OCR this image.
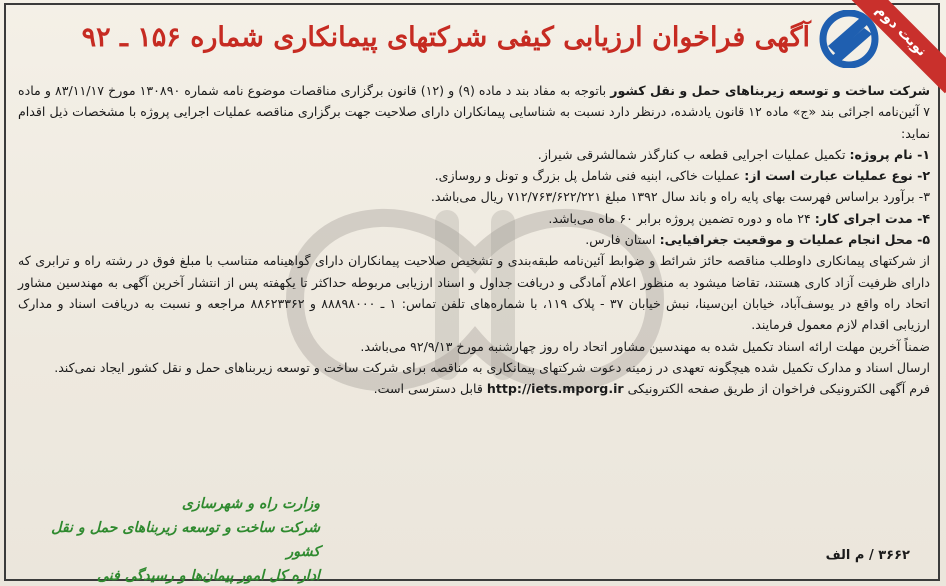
نوبت دوم
آگهی فراخوان ارزیابی کیفی شرکتهای پیمانکاری شماره ۱۵۶ ـ ۹۲

شرکت ساخت و توسعه زیربناهای حمل و نقل کشور باتوجه به مفاد بند د ماده (۹) و (۱۲) قانون برگزاری مناقصات موضوع نامه شماره ۱۳۰۸۹۰ مورخ ۸۳/۱۱/۱۷ و ماده ۷ آئین‌نامه اجرائی بند «ج» ماده ۱۲ قانون یادشده، درنظر دارد نسبت به شناسایی پیمانکاران دارای صلاحیت جهت برگزاری مناقصه عملیات اجرایی پروژه با مشخصات ذیل اقدام نماید:

۱- نام پروژه: تکمیل عملیات اجرایی قطعه ب کنارگذر شمالشرقی شیراز.

۲- نوع عملیات عبارت است از: عملیات خاکی، ابنیه فنی شامل پل بزرگ و تونل و روسازی.

۳- برآورد براساس فهرست بهای پایه راه و باند سال ۱۳۹۲ مبلغ ۷۱۲/۷۶۳/۶۲۲/۲۲۱ ریال می‌باشد.

۴- مدت اجرای کار: ۲۴ ماه و دوره تضمین پروژه برابر ۶۰ ماه می‌باشد.

۵- محل انجام عملیات و موقعیت جغرافیایی: استان فارس.

از شرکتهای پیمانکاری داوطلب مناقصه حائز شرائط و ضوابط آئین‌نامه طبقه‌بندی و تشخیص صلاحیت پیمانکاران دارای گواهینامه متناسب با مبلغ فوق در رشته راه و ترابری که دارای ظرفیت آزاد کاری هستند، تقاضا میشود به منظور اعلام آمادگی و دریافت جداول و اسناد ارزیابی مربوطه حداکثر تا یکهفته پس از انتشار آخرین آگهی به مهندسین مشاور اتحاد راه واقع در یوسف‌آباد، خیابان ابن‌سینا، نبش خیابان ۳۷ - پلاک ۱۱۹، با شماره‌های تلفن تماس: ۱ ـ ۸۸۸۹۸۰۰۰ و ۸۸۶۲۳۳۶۲ مراجعه و نسبت به دریافت اسناد و مدارک ارزیابی اقدام لازم معمول فرمایند.

ضمناً آخرین مهلت ارائه اسناد تکمیل شده به مهندسین مشاور اتحاد راه روز چهارشنبه مورخ ۹۲/۹/۱۳ می‌باشد.

ارسال اسناد و مدارک تکمیل شده هیچگونه تعهدی در زمینه دعوت شرکتهای پیمانکاری به مناقصه برای شرکت ساخت و توسعه زیربناهای حمل و نقل کشور ایجاد نمی‌کند.

فرم آگهی الکترونیکی فراخوان از طریق صفحه الکترونیکی http://iets.mporg.ir قابل دسترسی است.

وزارت راه و شهرسازی
شرکت ساخت و توسعه زیربناهای حمل و نقل کشور
اداره کل امور پیمان‌ها و رسیدگی فنی
۳۶۶۲ / م الف
